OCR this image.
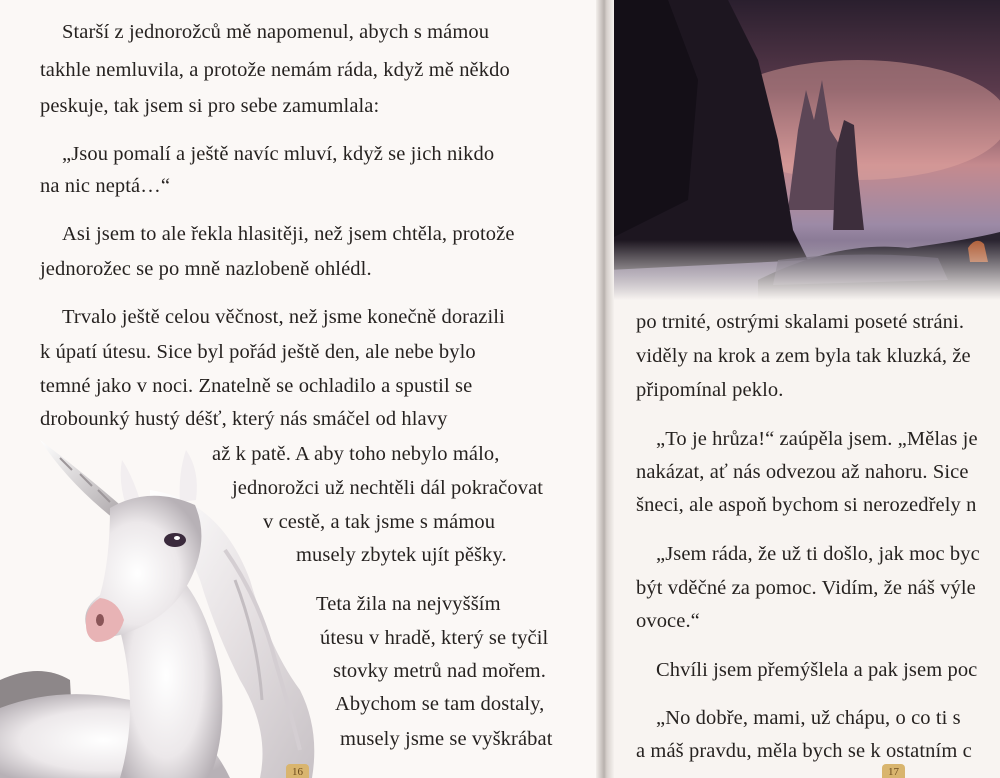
Starší z jednorožců mě napomenul, abych s mámou
takhle nemluvila, a protože nemám ráda, když mě někdo
peskuje, tak jsem si pro sebe zamumlala:
„Jsou pomalí a ještě navíc mluví, když se jich nikdo
na nic neptá…“
Asi jsem to ale řekla hlasitěji, než jsem chtěla, protože
jednorožec se po mně nazlobeně ohlédl.
Trvalo ještě celou věčnost, než jsme konečně dorazili
k úpatí útesu. Sice byl pořád ještě den, ale nebe bylo
temné jako v noci. Znatelně se ochladilo a spustil se
drobounký hustý déšť, který nás smáčel od hlavy
až k patě. A aby toho nebylo málo,
jednorožci už nechtěli dál pokračovat
v cestě, a tak jsme s mámou
musely zbytek ujít pěšky.
Teta žila na nejvyšším
útesu v hradě, který se tyčil
stovky metrů nad mořem.
Abychom se tam dostaly,
musely jsme se vyškrábat
16
po trnité, ostrými skalami poseté stráni.
viděly na krok a zem byla tak kluzká, že
připomínal peklo.
„To je hrůza!“ zaúpěla jsem. „Mělas je
nakázat, ať nás odvezou až nahoru. Sice
šneci, ale aspoň bychom si nerozedřely n
„Jsem ráda, že už ti došlo, jak moc byc
být vděčné za pomoc. Vidím, že náš výle
ovoce.“
Chvíli jsem přemýšlela a pak jsem poc
„No dobře, mami, už chápu, o co ti s
a máš pravdu, měla bych se k ostatním c
17
